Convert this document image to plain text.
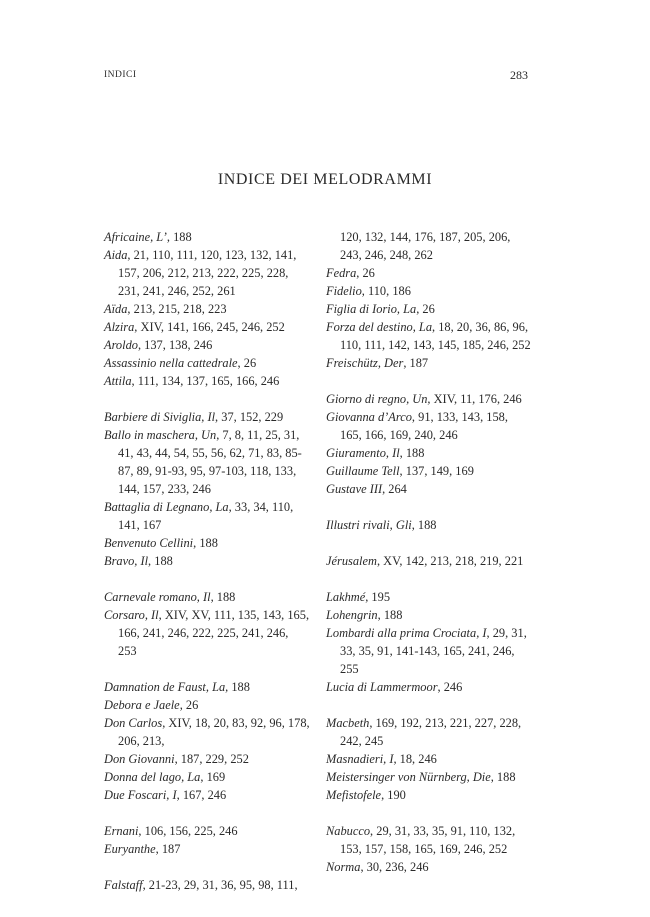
INDICI	283
INDICE DEI MELODRAMMI
Africaine, L’, 188
Aida, 21, 110, 111, 120, 123, 132, 141, 157, 206, 212, 213, 222, 225, 228, 231, 241, 246, 252, 261
Aïda, 213, 215, 218, 223
Alzira, XIV, 141, 166, 245, 246, 252
Aroldo, 137, 138, 246
Assassinio nella cattedrale, 26
Attila, 111, 134, 137, 165, 166, 246
Barbiere di Siviglia, Il, 37, 152, 229
Ballo in maschera, Un, 7, 8, 11, 25, 31, 41, 43, 44, 54, 55, 56, 62, 71, 83, 85-87, 89, 91-93, 95, 97-103, 118, 133, 144, 157, 233, 246
Battaglia di Legnano, La, 33, 34, 110, 141, 167
Benvenuto Cellini, 188
Bravo, Il, 188
Carnevale romano, Il, 188
Corsaro, Il, XIV, XV, 111, 135, 143, 165, 166, 241, 246, 222, 225, 241, 246, 253
Damnation de Faust, La, 188
Debora e Jaele, 26
Don Carlos, XIV, 18, 20, 83, 92, 96, 178, 206, 213,
Don Giovanni, 187, 229, 252
Donna del lago, La, 169
Due Foscari, I, 167, 246
Ernani, 106, 156, 225, 246
Euryanthe, 187
Falstaff, 21-23, 29, 31, 36, 95, 98, 111,
120, 132, 144, 176, 187, 205, 206, 243, 246, 248, 262
Fedra, 26
Fidelio, 110, 186
Figlia di Iorio, La, 26
Forza del destino, La, 18, 20, 36, 86, 96, 110, 111, 142, 143, 145, 185, 246, 252
Freischütz, Der, 187
Giorno di regno, Un, XIV, 11, 176, 246
Giovanna d’Arco, 91, 133, 143, 158, 165, 166, 169, 240, 246
Giuramento, Il, 188
Guillaume Tell, 137, 149, 169
Gustave III, 264
Illustri rivali, Gli, 188
Jérusalem, XV, 142, 213, 218, 219, 221
Lakhmé, 195
Lohengrin, 188
Lombardi alla prima Crociata, I, 29, 31, 33, 35, 91, 141-143, 165, 241, 246, 255
Lucia di Lammermoor, 246
Macbeth, 169, 192, 213, 221, 227, 228, 242, 245
Masnadieri, I, 18, 246
Meistersinger von Nürnberg, Die, 188
Mefistofele, 190
Nabucco, 29, 31, 33, 35, 91, 110, 132, 153, 157, 158, 165, 169, 246, 252
Norma, 30, 236, 246
